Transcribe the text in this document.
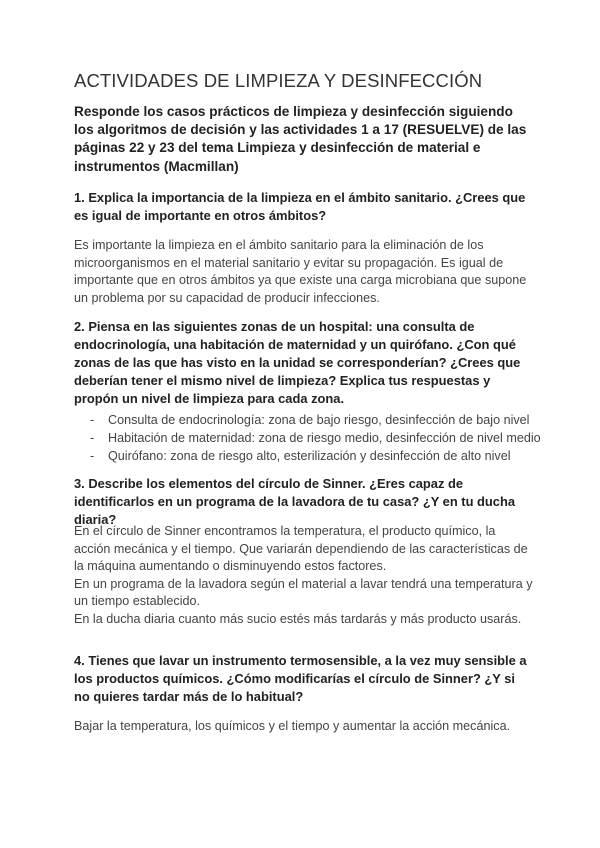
ACTIVIDADES DE LIMPIEZA Y DESINFECCIÓN

Responde los casos prácticos de limpieza y desinfección siguiendo los algoritmos de decisión y las actividades 1 a 17 (RESUELVE) de las páginas 22 y 23 del tema Limpieza y desinfección de material e instrumentos (Macmillan)

1. Explica la importancia de la limpieza en el ámbito sanitario. ¿Crees que es igual de importante en otros ámbitos?

Es importante la limpieza en el ámbito sanitario para la eliminación de los microorganismos en el material sanitario y evitar su propagación. Es igual de importante que en otros ámbitos ya que existe una carga microbiana que supone un problema por su capacidad de producir infecciones.

2. Piensa en las siguientes zonas de un hospital: una consulta de endocrinología, una habitación de maternidad y un quirófano. ¿Con qué zonas de las que has visto en la unidad se corresponderían? ¿Crees que deberían tener el mismo nivel de limpieza? Explica tus respuestas y propón un nivel de limpieza para cada zona.

- Consulta de endocrinología: zona de bajo riesgo, desinfección de bajo nivel
- Habitación de maternidad: zona de riesgo medio, desinfección de nivel medio
- Quirófano: zona de riesgo alto, esterilización y desinfección de alto nivel

3. Describe los elementos del círculo de Sinner. ¿Eres capaz de identificarlos en un programa de la lavadora de tu casa? ¿Y en tu ducha diaria?

En el círculo de Sinner encontramos la temperatura, el producto químico, la acción mecánica y el tiempo. Que variarán dependiendo de las características de la máquina aumentando o disminuyendo estos factores.

En un programa de la lavadora según el material a lavar tendrá una temperatura y un tiempo establecido.

En la ducha diaria cuanto más sucio estés más tardarás y más producto usarás.

4. Tienes que lavar un instrumento termosensible, a la vez muy sensible a los productos químicos. ¿Cómo modificarías el círculo de Sinner? ¿Y si no quieres tardar más de lo habitual?

Bajar la temperatura, los químicos y el tiempo y aumentar la acción mecánica.
